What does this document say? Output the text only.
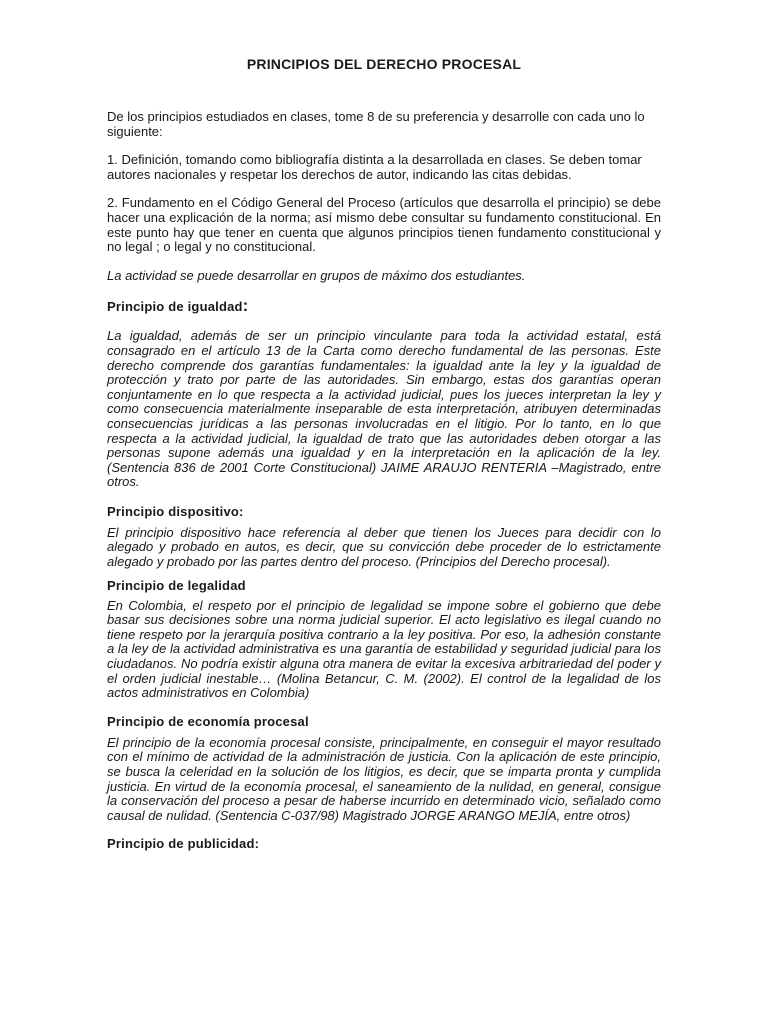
PRINCIPIOS DEL DERECHO PROCESAL

De los principios estudiados en clases, tome 8 de su preferencia y desarrolle con cada uno lo siguiente:

1. Definición, tomando como bibliografía distinta a la desarrollada en clases. Se deben tomar autores nacionales y respetar los derechos de autor, indicando las citas debidas.

2. Fundamento en el Código General del Proceso (artículos que desarrolla el principio) se debe hacer una explicación de la norma; así mismo debe consultar su fundamento constitucional. En este punto hay que tener en cuenta que algunos principios tienen fundamento constitucional y no legal ; o legal y no constitucional.

La actividad se puede desarrollar en grupos de máximo dos estudiantes.

Principio de igualdad:

La igualdad, además de ser un principio vinculante para toda la actividad estatal, está consagrado en el artículo 13 de la Carta como derecho fundamental de las personas. Este derecho comprende dos garantías fundamentales: la igualdad ante la ley y la igualdad de protección y trato por parte de las autoridades. Sin embargo, estas dos garantías operan conjuntamente en lo que respecta a la actividad judicial, pues los jueces interpretan la ley y como consecuencia materialmente inseparable de esta interpretación, atribuyen determinadas consecuencias jurídicas a las personas involucradas en el litigio. Por lo tanto, en lo que respecta a la actividad judicial, la igualdad de trato que las autoridades deben otorgar a las personas supone además una igualdad y en la interpretación en la aplicación de la ley. (Sentencia 836 de 2001 Corte Constitucional) JAIME ARAUJO RENTERIA –Magistrado, entre otros.

Principio dispositivo:

El principio dispositivo hace referencia al deber que tienen los Jueces para decidir con lo alegado y probado en autos, es decir, que su convicción debe proceder de lo estrictamente alegado y probado por las partes dentro del proceso. (Principios del Derecho procesal).

Principio de legalidad

En Colombia, el respeto por el principio de legalidad se impone sobre el gobierno que debe basar sus decisiones sobre una norma judicial superior. El acto legislativo es ilegal cuando no tiene respeto por la jerarquía positiva contrario a la ley positiva. Por eso, la adhesión constante a la ley de la actividad administrativa es una garantía de estabilidad y seguridad judicial para los ciudadanos. No podría existir alguna otra manera de evitar la excesiva arbitrariedad del poder y el orden judicial inestable… (Molina Betancur, C. M. (2002). El control de la legalidad de los actos administrativos en Colombia)

Principio de economía procesal

El principio de la economía procesal consiste, principalmente, en conseguir el mayor resultado con el mínimo de actividad de la administración de justicia. Con la aplicación de este principio, se busca la celeridad en la solución de los litigios, es decir, que se imparta pronta y cumplida justicia. En virtud de la economía procesal, el saneamiento de la nulidad, en general, consigue la conservación del proceso a pesar de haberse incurrido en determinado vicio, señalado como causal de nulidad. (Sentencia C-037/98) Magistrado JORGE ARANGO MEJÍA, entre otros)

Principio de publicidad:
